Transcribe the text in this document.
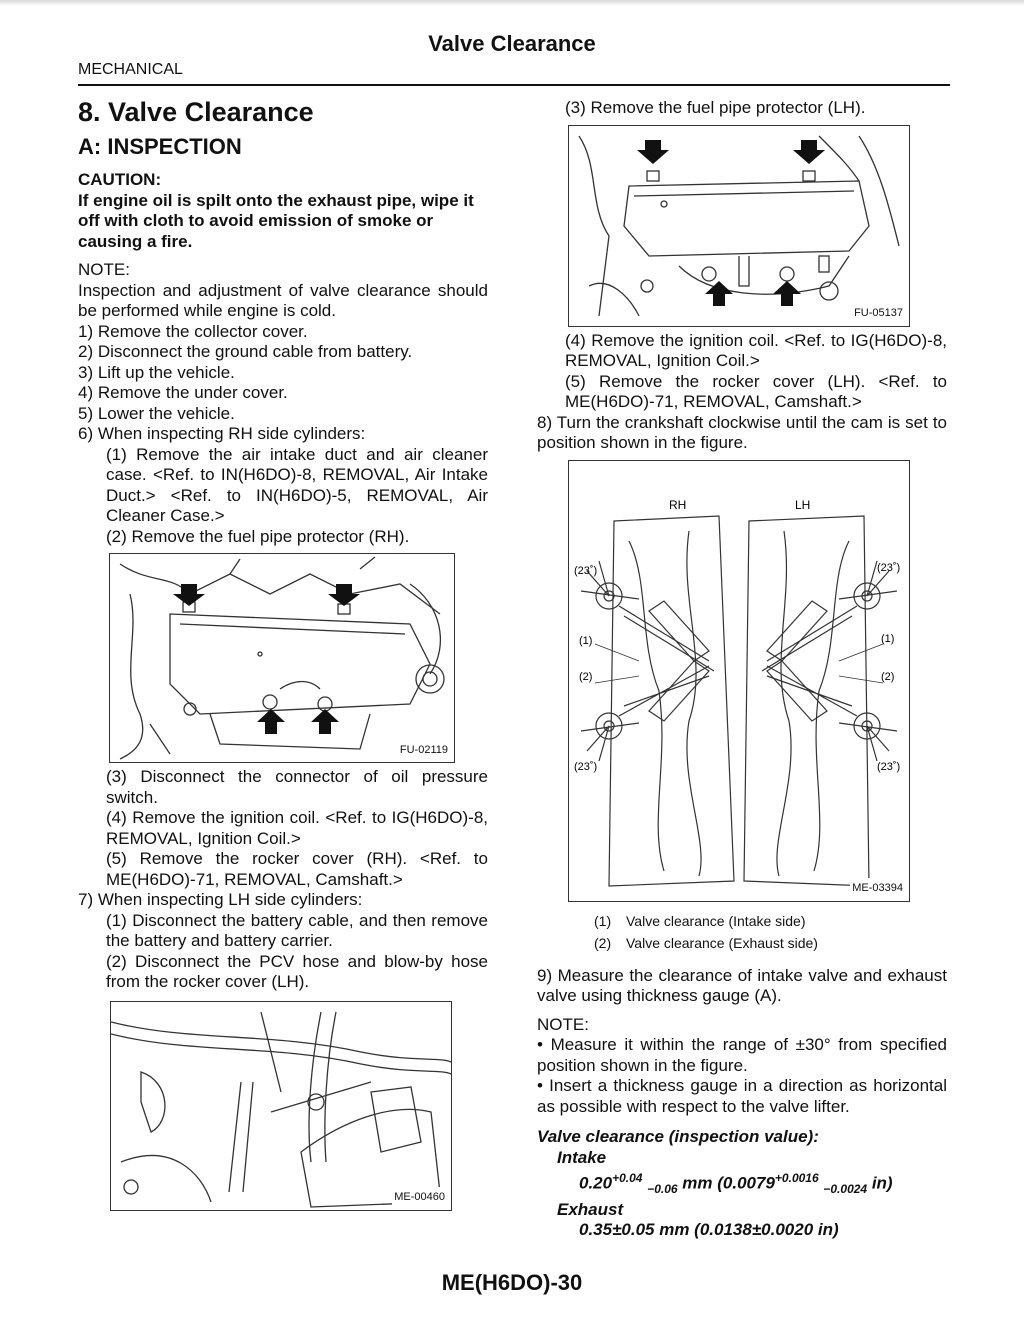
Valve Clearance
MECHANICAL
8. Valve Clearance
A: INSPECTION
CAUTION:

If engine oil is spilt onto the exhaust pipe, wipe it off with cloth to avoid emission of smoke or causing a fire.

NOTE:

Inspection and adjustment of valve clearance should be performed while engine is cold.

1) Remove the collector cover.

2) Disconnect the ground cable from battery.

3) Lift up the vehicle.

4) Remove the under cover.

5) Lower the vehicle.

6) When inspecting RH side cylinders:

(1) Remove the air intake duct and air cleaner case. <Ref. to IN(H6DO)-8, REMOVAL, Air Intake Duct.> <Ref. to IN(H6DO)-5, REMOVAL, Air Cleaner Case.>

(2) Remove the fuel pipe protector (RH).

FU-02119

(3) Disconnect the connector of oil pressure switch.

(4) Remove the ignition coil. <Ref. to IG(H6DO)-8, REMOVAL, Ignition Coil.>

(5) Remove the rocker cover (RH). <Ref. to ME(H6DO)-71, REMOVAL, Camshaft.>

7) When inspecting LH side cylinders:

(1) Disconnect the battery cable, and then remove the battery and battery carrier.

(2) Disconnect the PCV hose and blow-by hose from the rocker cover (LH).

ME-00460

(3) Remove the fuel pipe protector (LH).

FU-05137

(4) Remove the ignition coil. <Ref. to IG(H6DO)-8, REMOVAL, Ignition Coil.>

(5) Remove the rocker cover (LH). <Ref. to ME(H6DO)-71, REMOVAL, Camshaft.>

8) Turn the crankshaft clockwise until the cam is set to position shown in the figure.

RH	LH
(23˚)
(23˚)
(23˚)
(23˚)
(1)
(2)
(1)
(2)
ME-03394
(1) Valve clearance (Intake side)
(2) Valve clearance (Exhaust side)

9) Measure the clearance of intake valve and exhaust valve using thickness gauge (A).

NOTE:

• Measure it within the range of ±30° from specified position shown in the figure.

• Insert a thickness gauge in a direction as horizontal as possible with respect to the valve lifter.

Valve clearance (inspection value):
Intake
$0.20^{+0.04}$ $_{-0.06}$ mm ($0.0079^{+0.0016}$ $_{-0.0024}$ in)
Exhaust
0.35±0.05 mm (0.0138±0.0020 in)
ME(H6DO)-30
